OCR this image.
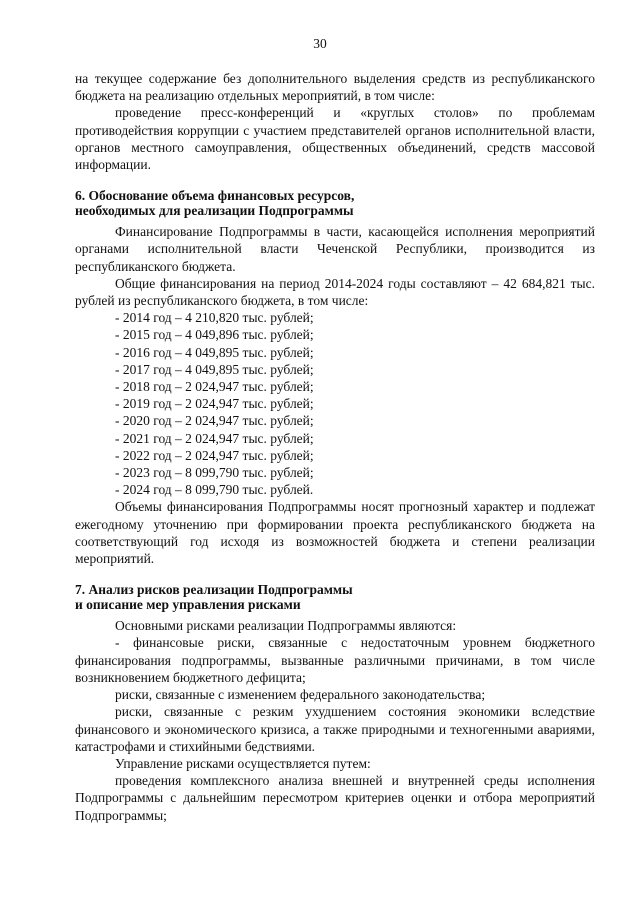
30

на текущее содержание без дополнительного выделения средств из республиканского бюджета на реализацию отдельных мероприятий, в том числе:

проведение пресс-конференций и «круглых столов» по проблемам противодействия коррупции с участием представителей органов исполнительной власти, органов местного самоуправления, общественных объединений, средств массовой информации.

6. Обоснование объема финансовых ресурсов,

необходимых для реализации Подпрограммы

Финансирование Подпрограммы в части, касающейся исполнения мероприятий органами исполнительной власти Чеченской Республики, производится из республиканского бюджета.

Общие финансирования на период 2014-2024 годы составляют – 42 684,821 тыс. рублей из республиканского бюджета, в том числе:

- 2014 год – 4 210,820 тыс. рублей;

- 2015 год – 4 049,896 тыс. рублей;

- 2016 год – 4 049,895 тыс. рублей;

- 2017 год – 4 049,895 тыс. рублей;

- 2018 год – 2 024,947 тыс. рублей;

- 2019 год – 2 024,947 тыс. рублей;

- 2020 год – 2 024,947 тыс. рублей;

- 2021 год – 2 024,947 тыс. рублей;

- 2022 год – 2 024,947 тыс. рублей;

- 2023 год – 8 099,790 тыс. рублей;

- 2024 год – 8 099,790 тыс. рублей.

Объемы финансирования Подпрограммы носят прогнозный характер и подлежат ежегодному уточнению при формировании проекта республиканского бюджета на соответствующий год исходя из возможностей бюджета и степени реализации мероприятий.

7. Анализ рисков реализации Подпрограммы

и описание мер управления рисками

Основными рисками реализации Подпрограммы являются:

- финансовые риски, связанные с недостаточным уровнем бюджетного финансирования подпрограммы, вызванные различными причинами, в том числе возникновением бюджетного дефицита;

риски, связанные с изменением федерального законодательства;

риски, связанные с резким ухудшением состояния экономики вследствие финансового и экономического кризиса, а также природными и техногенными авариями, катастрофами и стихийными бедствиями.

Управление рисками осуществляется путем:

проведения комплексного анализа внешней и внутренней среды исполнения Подпрограммы с дальнейшим пересмотром критериев оценки и отбора мероприятий Подпрограммы;
